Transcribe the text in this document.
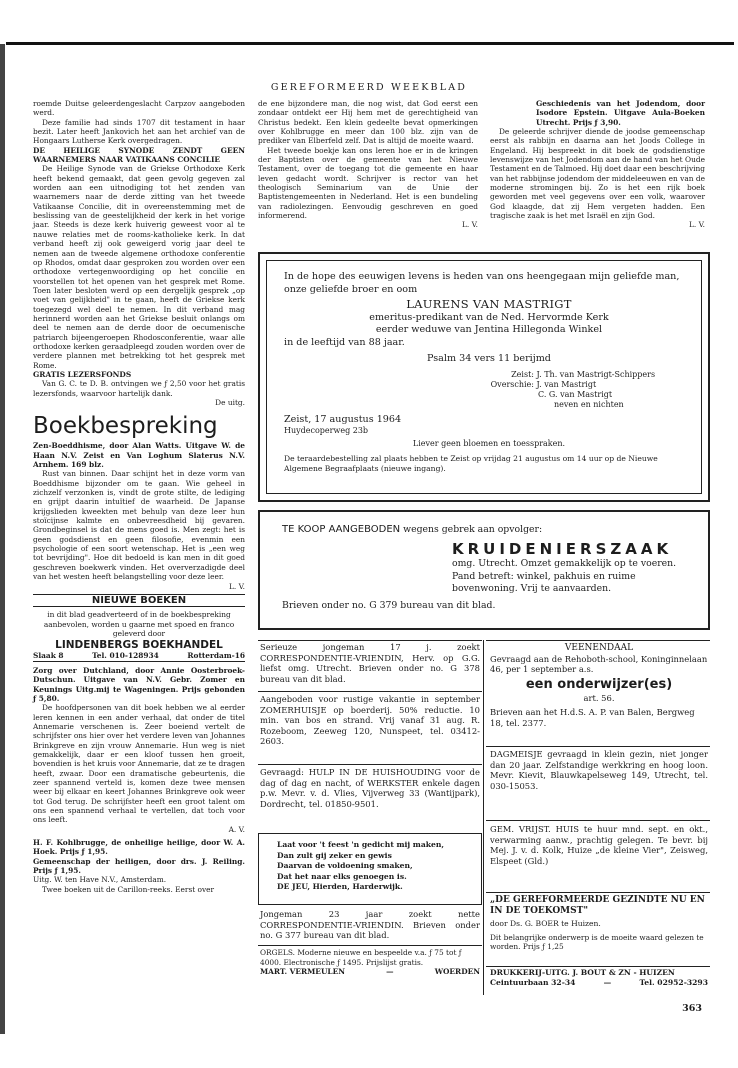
GEREFORMEERD WEEKBLAD

roemde Duitse geleerdengeslacht Carpzov aangeboden werd.

Deze familie had sinds 1707 dit testament in haar bezit. Later heeft Jankovich het aan het archief van de Hongaars Lutherse Kerk overgedragen.

DE HEILIGE SYNODE ZENDT GEEN WAARNEMERS NAAR VATIKAANS CONCILIE

De Heilige Synode van de Griekse Orthodoxe Kerk heeft bekend gemaakt, dat geen gevolg gegeven zal worden aan een uitnodiging tot het zenden van waarnemers naar de derde zitting van het tweede Vatikaanse Concilie, dit in overeenstemming met de beslissing van de geestelijkheid der kerk in het vorige jaar. Steeds is deze kerk huiverig geweest voor al te nauwe relaties met de rooms-katholieke kerk. In dat verband heeft zij ook geweigerd vorig jaar deel te nemen aan de tweede algemene orthodoxe conferentie op Rhodos, omdat daar gesproken zou worden over een orthodoxe vertegenwoordiging op het concilie en voorstellen tot het openen van het gesprek met Rome. Toen later besloten werd op een dergelijk gesprek „op voet van gelijkheid" in te gaan, heeft de Griekse kerk toegezegd wel deel te nemen. In dit verband mag herinnerd worden aan het Griekse besluit onlangs om deel te nemen aan de derde door de oecumenische patriarch bijeengeroepen Rhodosconferentie, waar alle orthodoxe kerken geraadpleegd zouden worden over de verdere plannen met betrekking tot het gesprek met Rome.

GRATIS LEZERSFONDS

Van G. C. te D. B. ontvingen we ƒ 2,50 voor het gratis lezersfonds, waarvoor hartelijk dank.

De uitg.

Boekbespreking

Zen-Boeddhisme, door Alan Watts. Uitgave W. de Haan N.V. Zeist en Van Loghum Slaterus N.V. Arnhem. 169 blz.

Rust van binnen. Daar schijnt het in deze vorm van Boeddhisme bijzonder om te gaan. Wie geheel in zichzelf verzonken is, vindt de grote stilte, de lediging en grijpt daarin intuïtief de waarheid. De Japanse krijgslieden kweekten met behulp van deze leer hun stoïcijnse kalmte en onbevreesdheid bij gevaren. Grondbeginsel is dat de mens goed is. Men zegt: het is geen godsdienst en geen filosofie, evenmin een psychologie of een soort wetenschap. Het is „een weg tot bevrijding". Hoe dit bedoeld is kan men in dit goed geschreven boekwerk vinden. Het oververzadigde deel van het westen heeft belangstelling voor deze leer.

L. V.

NIEUWE BOEKEN

in dit blad geadverteerd of in de boekbespreking aanbevolen, worden u gaarne met spoed en franco geleverd door

LINDENBERGS BOEKHANDEL
Slaak 8	Tel. 010-128934	Rotterdam-16

Zorg over Dutchland, door Annie Oosterbroek-Dutschun. Uitgave van N.V. Gebr. Zomer en Keunings Uitg.mij te Wageningen. Prijs gebonden ƒ 5,80.

De hoofdpersonen van dit boek hebben we al eerder leren kennen in een ander verhaal, dat onder de titel Annemarie verschenen is. Zeer boeiend vertelt de schrijfster ons hier over het verdere leven van Johannes Brinkgreve en zijn vrouw Annemarie. Hun weg is niet gemakkelijk, daar er een kloof tussen hen groeit, bovendien is het kruis voor Annemarie, dat ze te dragen heeft, zwaar. Door een dramatische gebeurtenis, die zeer spannend verteld is, komen deze twee mensen weer bij elkaar en keert Johannes Brinkgreve ook weer tot God terug. De schrijfster heeft een groot talent om ons een spannend verhaal te vertellen, dat toch voor ons leeft.

A. V.

H. F. Kohlbrugge, de onheilige heilige, door W. A. Hoek. Prijs ƒ 1,95.

Gemeenschap der heiligen, door drs. J. Reiling. Prijs ƒ 1,95.

Uitg. W. ten Have N.V., Amsterdam.

Twee boeken uit de Carillon-reeks. Eerst over

de ene bijzondere man, die nog wist, dat God eerst een zondaar ontdekt eer Hij hem met de gerechtigheid van Christus bedekt. Een klein gedeelte bevat opmerkingen over Kohlbrugge en meer dan 100 blz. zijn van de prediker van Elberfeld zelf. Dat is altijd de moeite waard.

Het tweede boekje kan ons leren hoe er in de kringen der Baptisten over de gemeente van het Nieuwe Testament, over de toegang tot die gemeente en haar leven gedacht wordt. Schrijver is rector van het theologisch Seminarium van de Unie der Baptistengemeenten in Nederland. Het is een bundeling van radiolezingen. Eenvoudig geschreven en goed informerend.

L. V.

Geschiedenis van het Jodendom, door Isodore Epstein. Uitgave Aula-Boeken Utrecht. Prijs ƒ 3,90.

De geleerde schrijver diende de joodse gemeenschap eerst als rabbijn en daarna aan het Joods College in Engeland. Hij bespreekt in dit boek de godsdienstige levenswijze van het Jodendom aan de hand van het Oude Testament en de Talmoed. Hij doet daar een beschrijving van het rabbijnse jodendom der middeleeuwen en van de moderne stromingen bij. Zo is het een rijk boek geworden met veel gegevens over een volk, waarover God klaagde, dat zij Hem vergeten hadden. Een tragische zaak is het met Israël en zijn God.

L. V.

In de hope des eeuwigen levens is heden van ons heengegaan mijn geliefde man, onze geliefde broer en oom

LAURENS VAN MASTRIGT

emeritus-predikant van de Ned. Hervormde Kerk

eerder weduwe van Jentina Hillegonda Winkel

in de leeftijd van 88 jaar.

Psalm 34 vers 11 berijmd

Zeist: J. Th. van Mastrigt-Schippers
Overschie: J. van Mastrigt
C. G. van Mastrigt
neven en nichten

Zeist, 17 augustus 1964

Huydecoperweg 23b

Liever geen bloemen en toesspraken.

De teraardebestelling zal plaats hebben te Zeist op vrijdag 21 augustus om 14 uur op de Nieuwe Algemene Begraafplaats (nieuwe ingang).

TE KOOP AANGEBODEN wegens gebrek aan opvolger:

KRUIDENIERSZAAK

omg. Utrecht. Omzet gemakkelijk op te voeren.

Pand betreft: winkel, pakhuis en ruime bovenwoning. Vrij te aanvaarden.

Brieven onder no. G 379 bureau van dit blad.

Serieuze jongeman 17 j. zoekt CORRESPONDENTIE-VRIENDIN, Herv. op G.G. liefst omg. Utrecht. Brieven onder no. G 378 bureau van dit blad.
Aangeboden voor rustige vakantie in september ZOMERHUISJE op boerderij. 50% reductie. 10 min. van bos en strand. Vrij vanaf 31 aug. R. Rozeboom, Zeeweg 120, Nunspeet, tel. 03412-2603.
Gevraagd: HULP IN DE HUISHOUDING voor de dag of dag en nacht, of WERKSTER enkele dagen p.w. Mevr. v. d. Vlies, Vijverweg 33 (Wantijpark), Dordrecht, tel. 01850-9501.
Laat voor 't feest 'n gedicht mij maken,
Dan zult gij zeker en gewis
Daarvan de voldoening smaken,
Dat het naar elks genoegen is.
DE JEU, Hierden, Harderwijk.
Jongeman 23 jaar zoekt nette CORRESPONDENTIE-VRIENDIN. Brieven onder no. G 377 bureau van dit blad.

ORGELS. Moderne nieuwe en bespeelde v.a. ƒ 75 tot ƒ 4000. Electronische ƒ 1495. Prijslijst gratis.

MART. VERMEULEN	—	WOERDEN

VEENENDAAL

Gevraagd aan de Rehoboth-school, Koninginnelaan 46, per 1 september a.s.

een onderwijzer(es)

art. 56.

Brieven aan het H.d.S. A. P. van Balen, Bergweg 18, tel. 2377.

DAGMEISJE gevraagd in klein gezin, niet jonger dan 20 jaar. Zelfstandige werkkring en hoog loon. Mevr. Kievit, Blauwkapelseweg 149, Utrecht, tel. 030-15053.
GEM. VRIJST. HUIS te huur mnd. sept. en okt., verwarming aanw., prachtig gelegen. Te bevr. bij Mej. J. v. d. Kolk, Huize „de kleine Vier", Zeisweg, Elspeet (Gld.)

„DE GEREFORMEERDE GEZINDTE NU EN IN DE TOEKOMST"

door Ds. G. BOER te Huizen.

Dit belangrijke onderwerp is de moeite waard gelezen te worden. Prijs ƒ 1,25

DRUKKERIJ-UITG. J. BOUT & ZN - HUIZEN

Ceintuurbaan 32-34	—	Tel. 02952-3293

363
